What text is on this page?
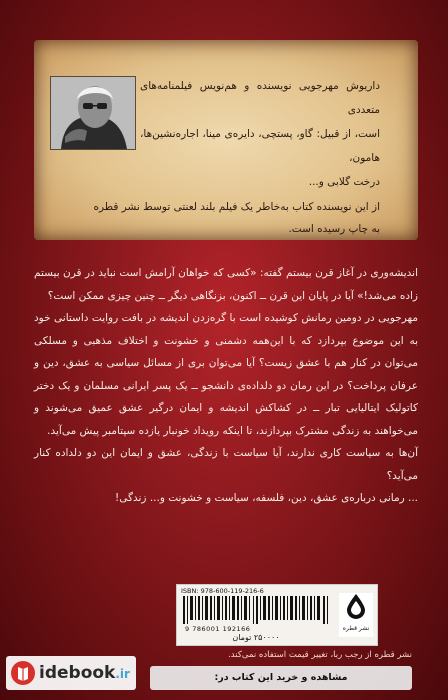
داریوش مهرجویی نویسنده و هم‌نویس فیلمنامه‌های متعددی
است، از قبیل: گاو، پستچی، دایره‌ی مینا، اجاره‌نشین‌ها، هامون،
درخت گلابی و...
از این نویسنده کتاب به‌خاطر یک فیلم بلند لعنتی توسط نشر قطره
به چاپ رسیده است.

اندیشه‌وری در آغاز قرن بیستم گفته: «کسی که خواهان آرامش است نباید در قرن بیستم زاده می‌شد!» آیا در پایان این قرن ــ اکنون، بزنگاهی دیگر ــ چنین چیزی ممکن است؟

مهرجویی در دومین رمانش کوشیده است با گره‌زدن اندیشه در بافت روایت داستانی خود به این موضوع بپردازد که با این‌همه دشمنی و خشونت و اختلاف مذهبی و مسلکی می‌توان در کنار هم با عشق زیست؟ آیا می‌توان بری از مسائل سیاسی به عشق، دین و عرفان پرداخت؟ در این رمان دو دلداده‌ی دانشجو ــ یک پسر ایرانی مسلمان و یک دختر کاتولیک ایتالیایی تبار ــ در کشاکش اندیشه و ایمان درگیر عشق عمیق می‌شوند و می‌خواهند به زندگی مشترک بپردازند، تا اینکه رویداد خونبار یازده سپتامبر پیش می‌آید.

آن‌ها به سیاست کاری ندارند، آیا سیاست با زندگی، عشق و ایمان این دو دلداده کنار می‌آید؟

... رمانی درباره‌ی عشق، دین، فلسفه، سیاست و خشونت و... زندگی!

ISBN: 978-600-119-216-6
9 786001 192166
۲۵۰۰۰۰ تومان
نشر قطره
نشر قطره از رجب ربا، تغییر قیمت استفاده نمی‌کند.
idebook.ir	مشاهده و خرید این کتاب در:
